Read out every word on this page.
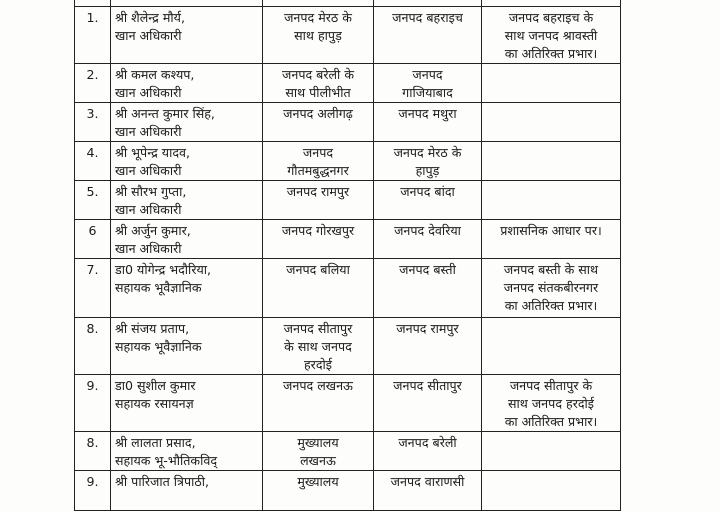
1.	श्री शैलेन्द्र मौर्य,
खान अधिकारी	जनपद मेरठ के
साथ हापुड़	जनपद बहराइच	जनपद बहराइच के
साथ जनपद श्रावस्ती
का अतिरिक्त प्रभार।

2.	श्री कमल कश्यप,
खान अधिकारी	जनपद बरेली के
साथ पीलीभीत	जनपद
गाजियाबाद	

3.	श्री अनन्त कुमार सिंह,
खान अधिकारी	जनपद अलीगढ़	जनपद मथुरा	

4.	श्री भूपेन्द्र यादव,
खान अधिकारी	जनपद
गौतमबुद्धनगर	जनपद मेरठ के
हापुड़	

5.	श्री सौरभ गुप्ता,
खान अधिकारी	जनपद रामपुर	जनपद बांदा	

6	श्री अर्जुन कुमार,
खान अधिकारी	जनपद गोरखपुर	जनपद देवरिया	प्रशासनिक आधार पर।

7.	डा0 योगेन्द्र भदौरिया,
सहायक भूवैज्ञानिक	जनपद बलिया	जनपद बस्ती	जनपद बस्ती के साथ
जनपद संतकबीरनगर
का अतिरिक्त प्रभार।

8.	श्री संजय प्रताप,
सहायक भूवैज्ञानिक	जनपद सीतापुर
के साथ जनपद
हरदोई	जनपद रामपुर	

9.	डा0 सुशील कुमार
सहायक रसायनज्ञ	जनपद लखनऊ	जनपद सीतापुर	जनपद सीतापुर के
साथ जनपद हरदोई
का अतिरिक्त प्रभार।

8.	श्री लालता प्रसाद,
सहायक भू-भौतिकविद्	मुख्यालय
लखनऊ	जनपद बरेली	

9.	श्री पारिजात त्रिपाठी,	मुख्यालय	जनपद वाराणसी	
